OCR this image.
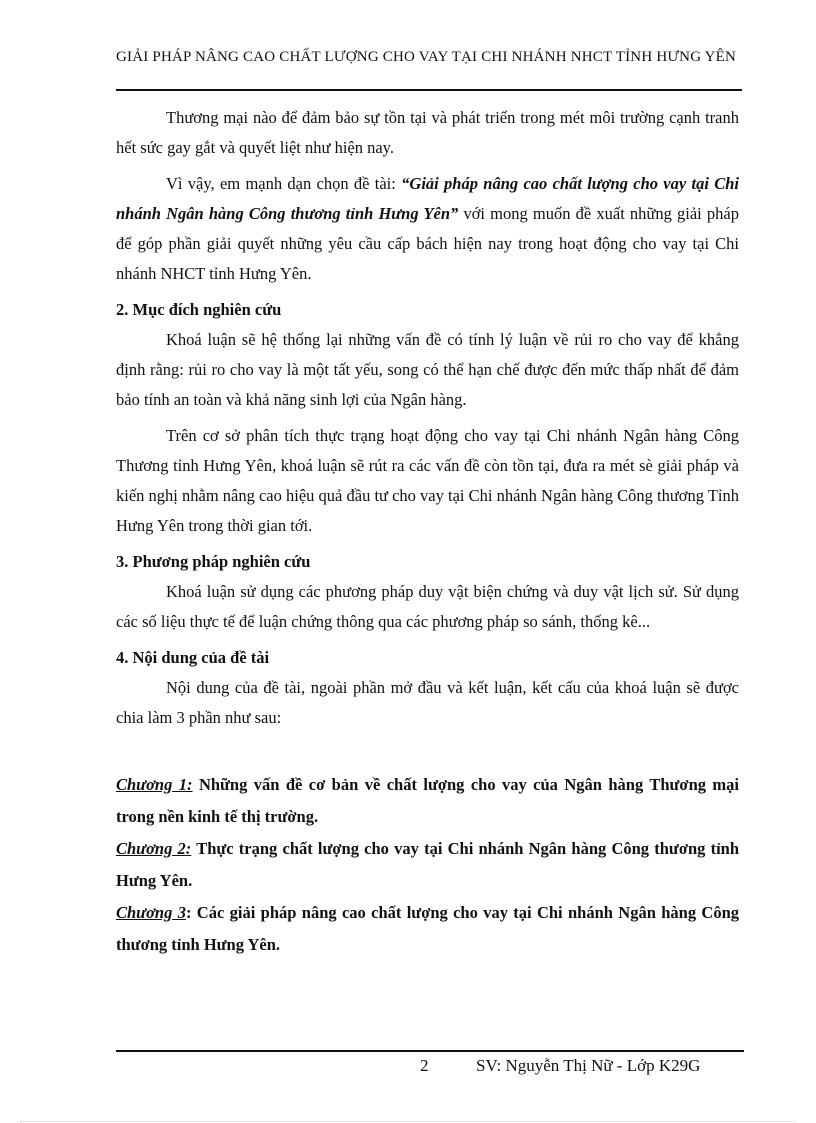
GIẢI PHÁP NÂNG CAO CHẤT LƯỢNG CHO VAY TẠI CHI NHÁNH NHCT TỈNH HƯNG YÊN

Thương mại nào để đảm bảo sự tồn tại và phát triển trong mét môi trường cạnh tranh hết sức gay gắt và quyết liệt như hiện nay.

Vì vậy, em mạnh dạn chọn đề tài: “Giải pháp nâng cao chất lượng cho vay tại Chi nhánh Ngân hàng Công thương tỉnh Hưng Yên” với mong muốn đề xuất những giải pháp để góp phần giải quyết những yêu cầu cấp bách hiện nay trong hoạt động cho vay tại Chi nhánh NHCT tỉnh Hưng Yên.

2. Mục đích nghiên cứu

Khoá luận sẽ hệ thống lại những vấn đề có tính lý luận về rủi ro cho vay để khẳng định rằng: rủi ro cho vay là một tất yếu, song có thể hạn chế được đến mức thấp nhất để đảm bảo tính an toàn và khả năng sinh lợi của Ngân hàng.

Trên cơ sở phân tích thực trạng hoạt động cho vay tại Chi nhánh Ngân hàng Công Thương tỉnh Hưng Yên, khoá luận sẽ rút ra các vấn đề còn tồn tại, đưa ra mét sè giải pháp và kiến nghị nhằm nâng cao hiệu quả đầu tư cho vay tại Chi nhánh Ngân hàng Công thương Tỉnh Hưng Yên trong thời gian tới.

3. Phương pháp nghiên cứu

Khoá luận sử dụng các phương pháp duy vật biện chứng và duy vật lịch sử. Sử dụng các số liệu thực tế để luận chứng thông qua các phương pháp so sánh, thống kê...

4. Nội dung của đề tài

Nội dung của đề tài, ngoài phần mở đầu và kết luận, kết cấu của khoá luận sẽ được chia làm 3 phần như sau:

Chương 1: Những vấn đề cơ bản về chất lượng cho vay của Ngân hàng Thương mại trong nền kinh tế thị trường.

Chương 2: Thực trạng chất lượng cho vay tại Chi nhánh Ngân hàng Công thương tỉnh Hưng Yên.

Chương 3: Các giải pháp nâng cao chất lượng cho vay tại Chi nhánh Ngân hàng Công thương tỉnh Hưng Yên.

2	SV: Nguyễn Thị Nữ - Lớp K29G
